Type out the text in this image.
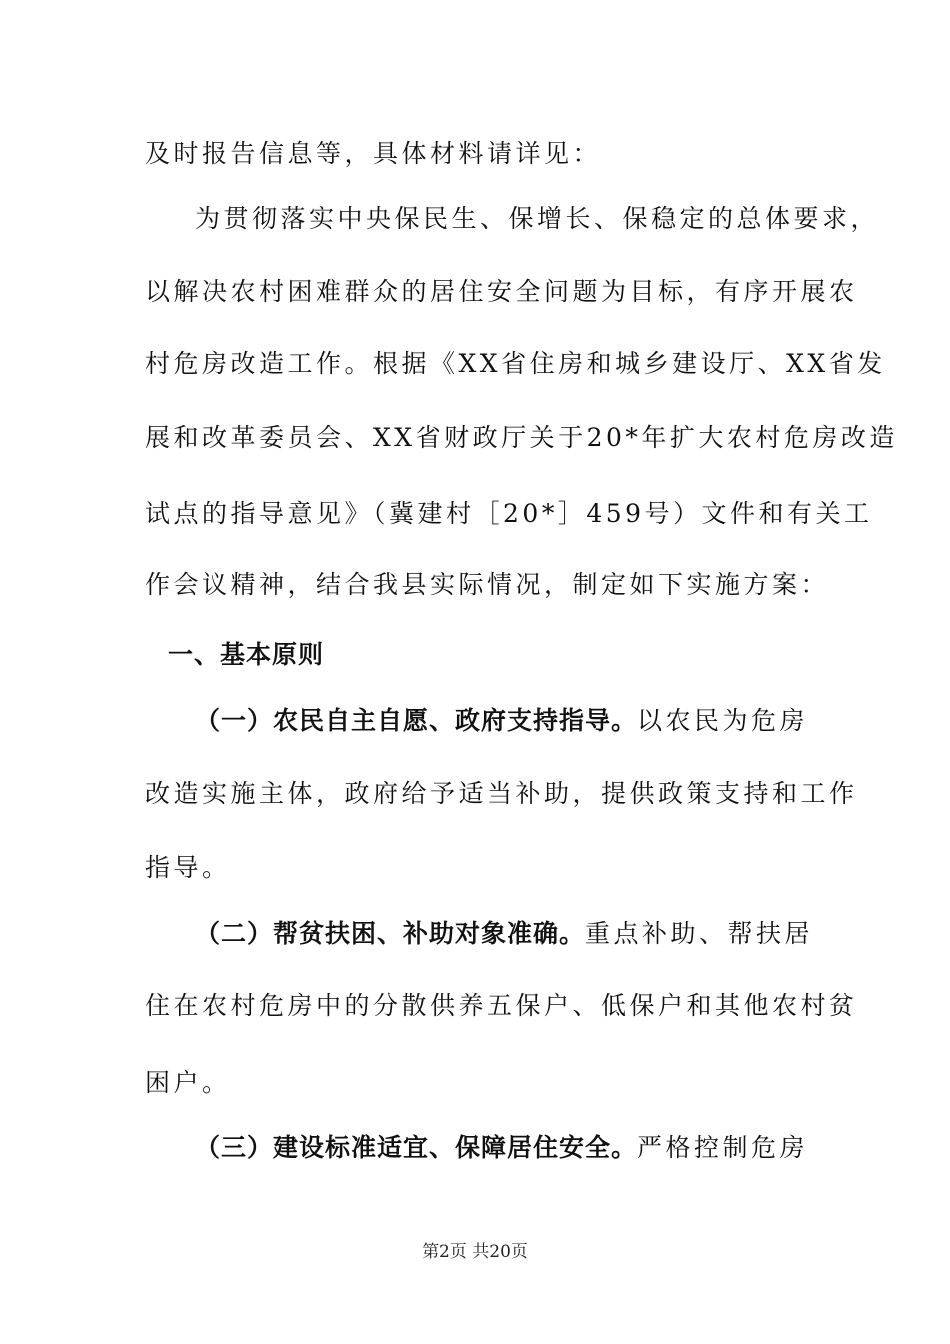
及时报告信息等，具体材料请详见：
为贯彻落实中央保民生、保增长、保稳定的总体要求，
以解决农村困难群众的居住安全问题为目标，有序开展农
村危房改造工作。根据《XX省住房和城乡建设厅、XX省发
展和改革委员会、XX省财政厅关于20*年扩大农村危房改造
试点的指导意见》（冀建村［20*］459号）文件和有关工
作会议精神，结合我县实际情况，制定如下实施方案：
一、基本原则
（一）农民自主自愿、政府支持指导。以农民为危房
改造实施主体，政府给予适当补助，提供政策支持和工作
指导。
（二）帮贫扶困、补助对象准确。重点补助、帮扶居
住在农村危房中的分散供养五保户、低保户和其他农村贫
困户。
（三）建设标准适宜、保障居住安全。严格控制危房
第2页 共20页
